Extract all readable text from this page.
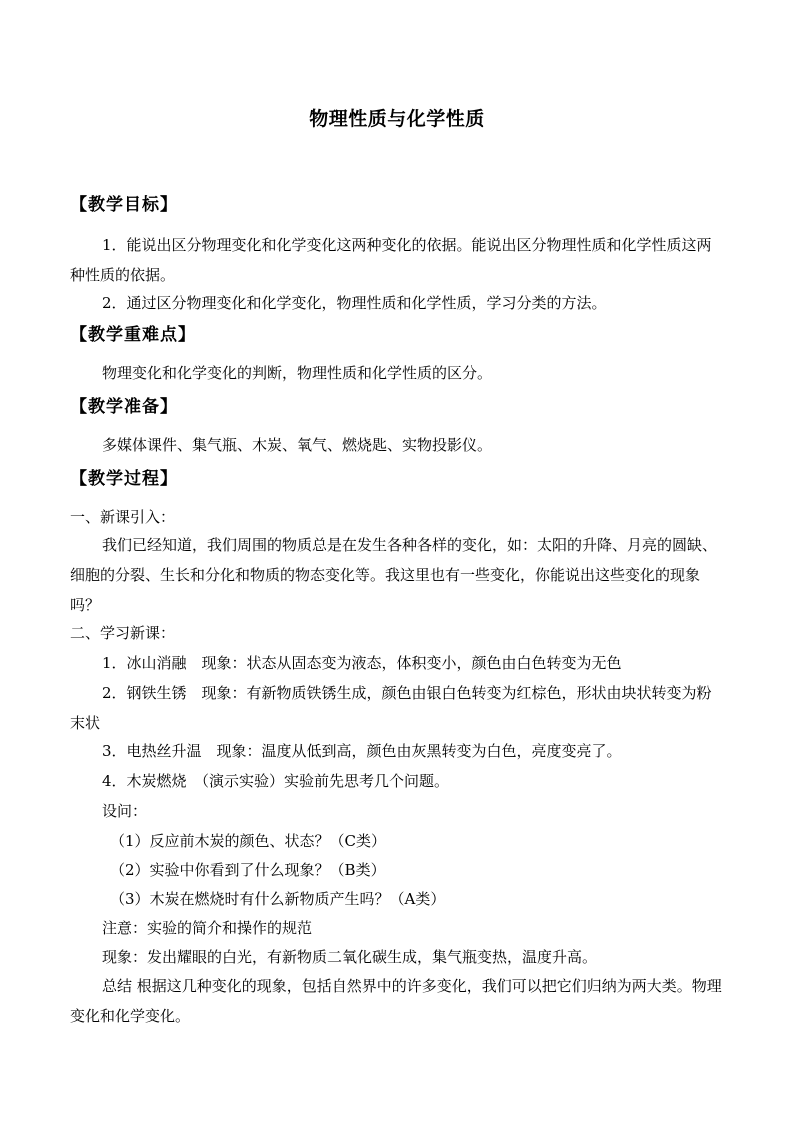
物理性质与化学性质
【教学目标】
1．能说出区分物理变化和化学变化这两种变化的依据。能说出区分物理性质和化学性质这两种性质的依据。
2．通过区分物理变化和化学变化，物理性质和化学性质，学习分类的方法。
【教学重难点】
物理变化和化学变化的判断，物理性质和化学性质的区分。
【教学准备】
多媒体课件、集气瓶、木炭、氧气、燃烧匙、实物投影仪。
【教学过程】
一、新课引入：
我们已经知道，我们周围的物质总是在发生各种各样的变化，如：太阳的升降、月亮的圆缺、细胞的分裂、生长和分化和物质的物态变化等。我这里也有一些变化，你能说出这些变化的现象吗？
二、学习新课：
1．冰山消融　现象：状态从固态变为液态，体积变小，颜色由白色转变为无色
2．钢铁生锈　现象：有新物质铁锈生成，颜色由银白色转变为红棕色，形状由块状转变为粉末状
3．电热丝升温　现象：温度从低到高，颜色由灰黑转变为白色，亮度变亮了。
4．木炭燃烧　（演示实验）实验前先思考几个问题。
设问：
（1）反应前木炭的颜色、状态？（C类）
（2）实验中你看到了什么现象？（B类）
（3）木炭在燃烧时有什么新物质产生吗？（A类）
注意：实验的简介和操作的规范
现象：发出耀眼的白光，有新物质二氧化碳生成，集气瓶变热，温度升高。
总结 根据这几种变化的现象，包括自然界中的许多变化，我们可以把它们归纳为两大类。物理变化和化学变化。
